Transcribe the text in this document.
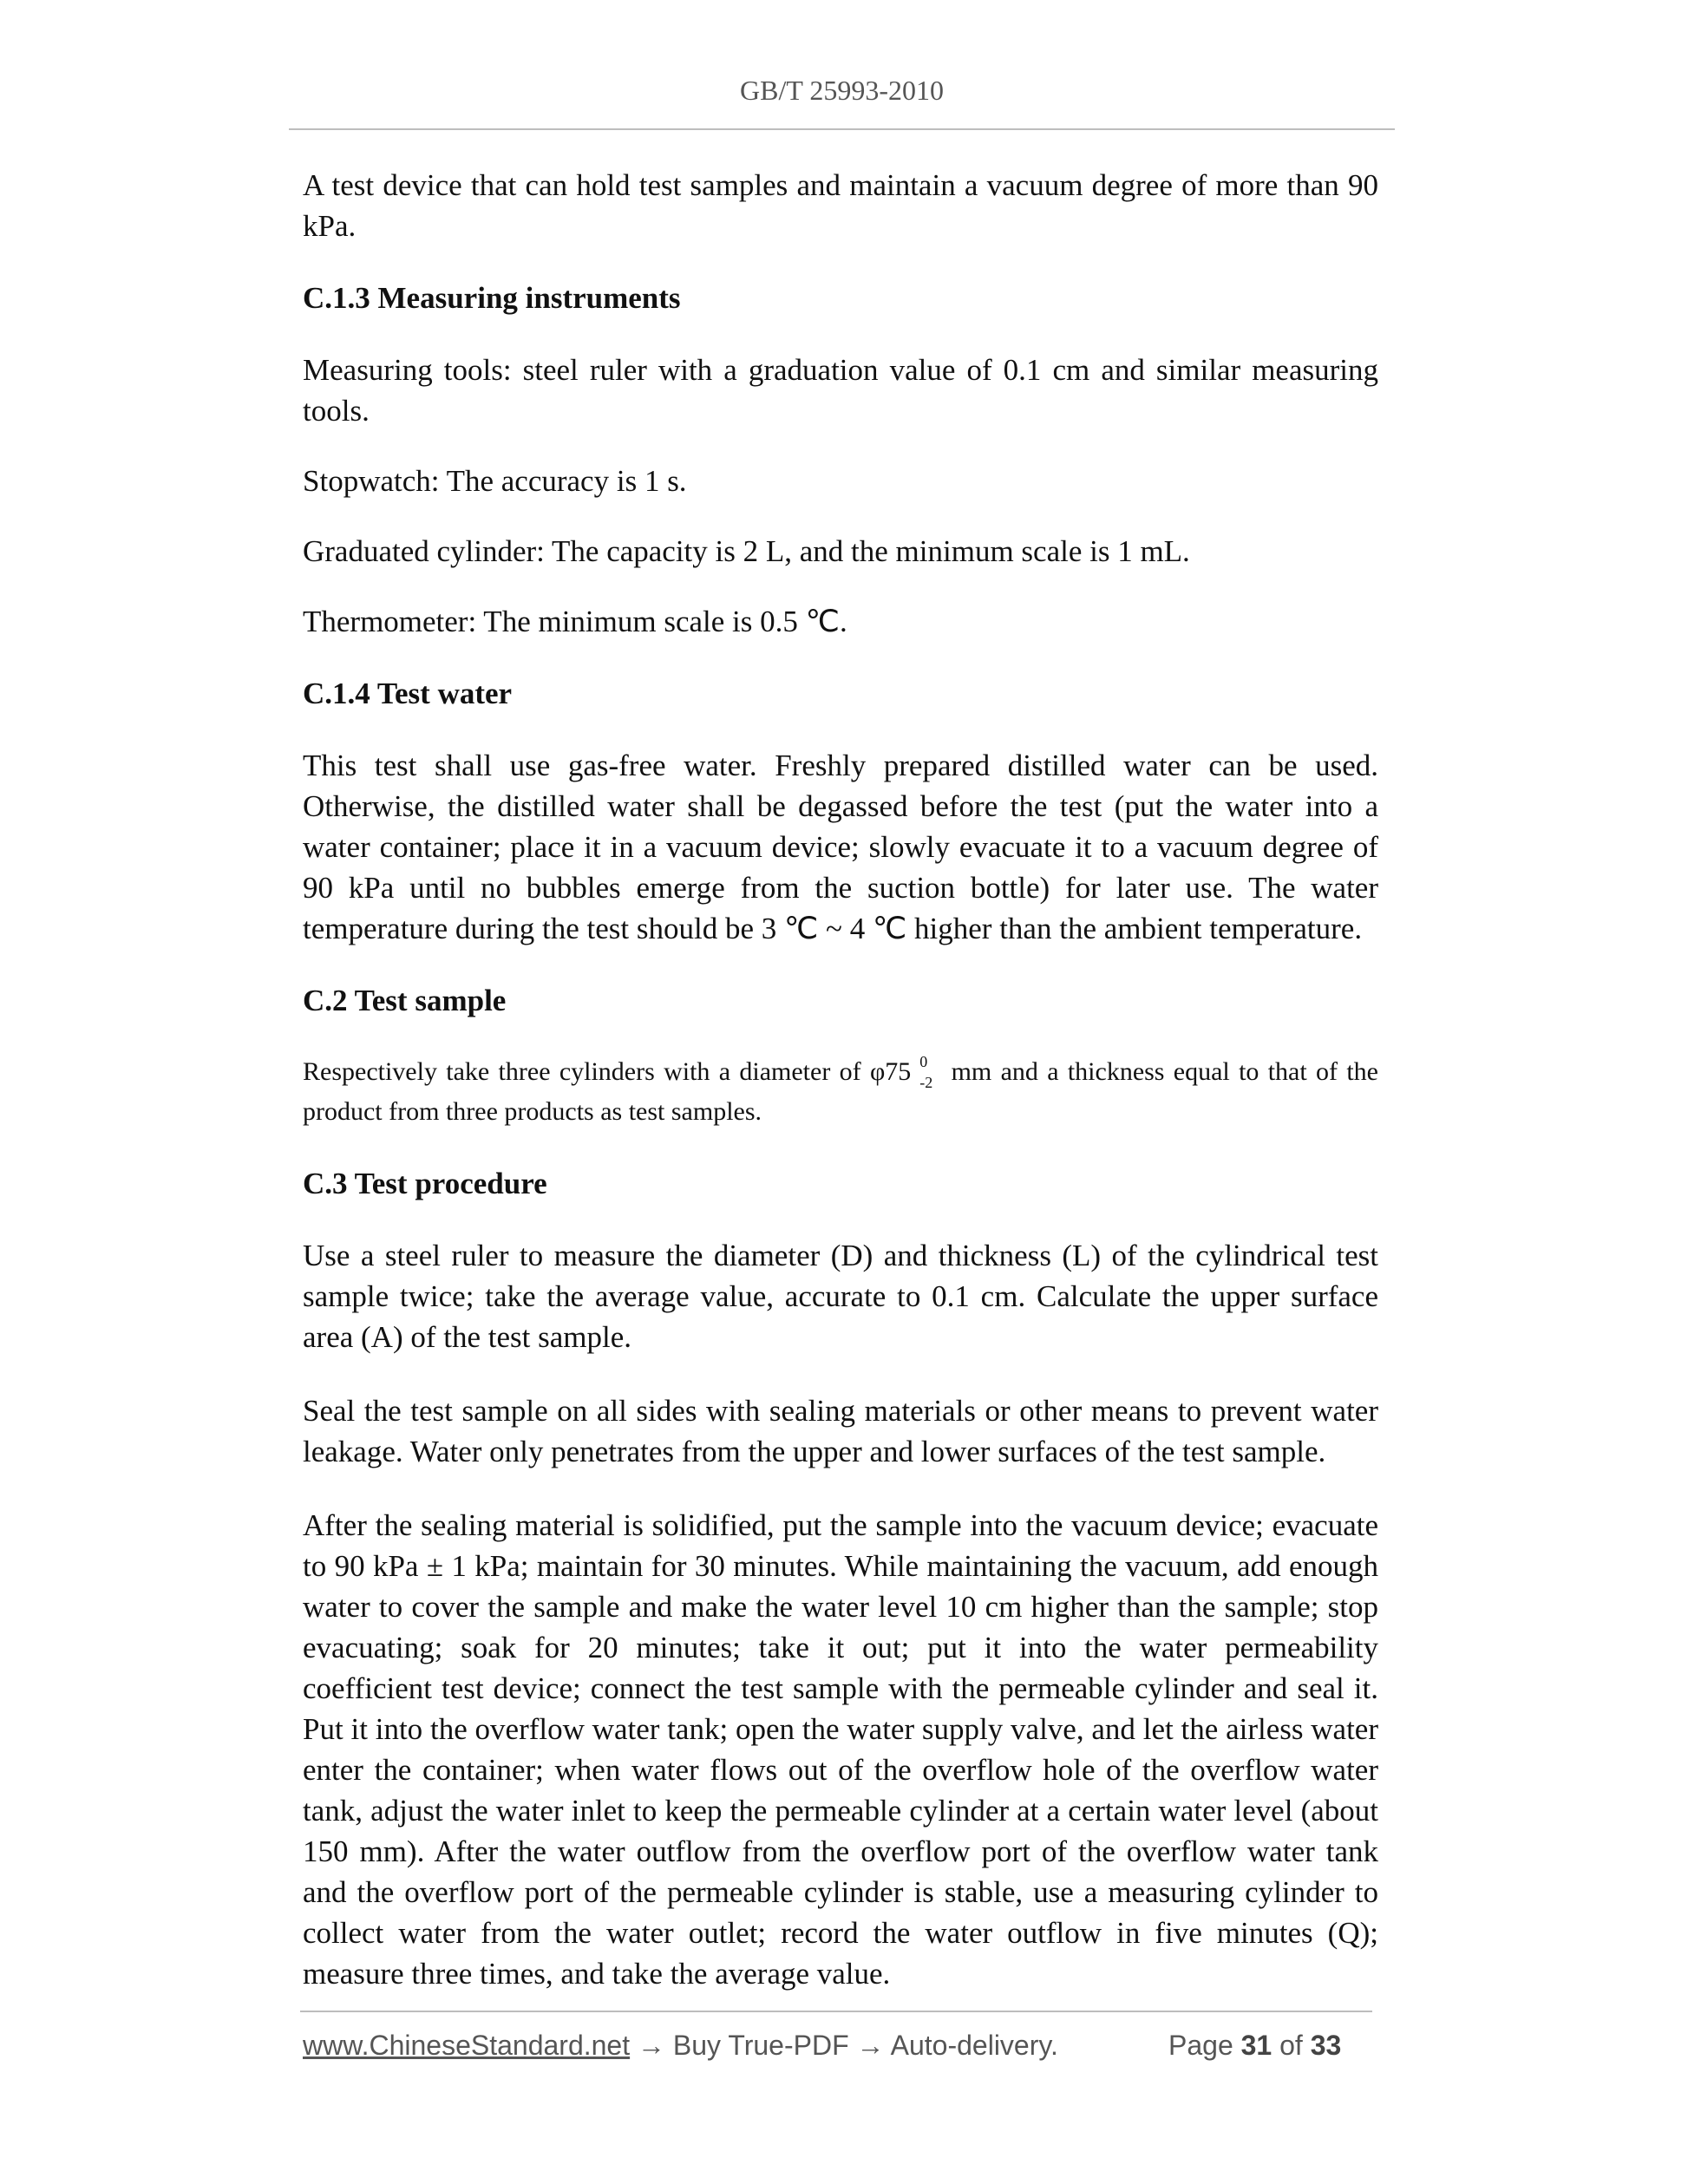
GB/T 25993-2010

A test device that can hold test samples and maintain a vacuum degree of more than 90 kPa.

C.1.3 Measuring instruments

Measuring tools: steel ruler with a graduation value of 0.1 cm and similar measuring tools.

Stopwatch: The accuracy is 1 s.

Graduated cylinder: The capacity is 2 L, and the minimum scale is 1 mL.

Thermometer: The minimum scale is 0.5 ℃.

C.1.4 Test water

This test shall use gas-free water. Freshly prepared distilled water can be used. Otherwise, the distilled water shall be degassed before the test (put the water into a water container; place it in a vacuum device; slowly evacuate it to a vacuum degree of 90 kPa until no bubbles emerge from the suction bottle) for later use. The water temperature during the test should be 3 ℃ ~ 4 ℃ higher than the ambient temperature.

C.2 Test sample

Respectively take three cylinders with a diameter of φ75 0
-2 mm and a thickness equal to that of the product from three products as test samples.

C.3 Test procedure

Use a steel ruler to measure the diameter (D) and thickness (L) of the cylindrical test sample twice; take the average value, accurate to 0.1 cm. Calculate the upper surface area (A) of the test sample.

Seal the test sample on all sides with sealing materials or other means to prevent water leakage. Water only penetrates from the upper and lower surfaces of the test sample.

After the sealing material is solidified, put the sample into the vacuum device; evacuate to 90 kPa ± 1 kPa; maintain for 30 minutes. While maintaining the vacuum, add enough water to cover the sample and make the water level 10 cm higher than the sample; stop evacuating; soak for 20 minutes; take it out; put it into the water permeability coefficient test device; connect the test sample with the permeable cylinder and seal it. Put it into the overflow water tank; open the water supply valve, and let the airless water enter the container; when water flows out of the overflow hole of the overflow water tank, adjust the water inlet to keep the permeable cylinder at a certain water level (about 150 mm). After the water outflow from the overflow port of the overflow water tank and the overflow port of the permeable cylinder is stable, use a measuring cylinder to collect water from the water outlet; record the water outflow in five minutes (Q); measure three times, and take the average value.

www.ChineseStandard.net → Buy True-PDF → Auto-delivery.	Page 31 of 33
